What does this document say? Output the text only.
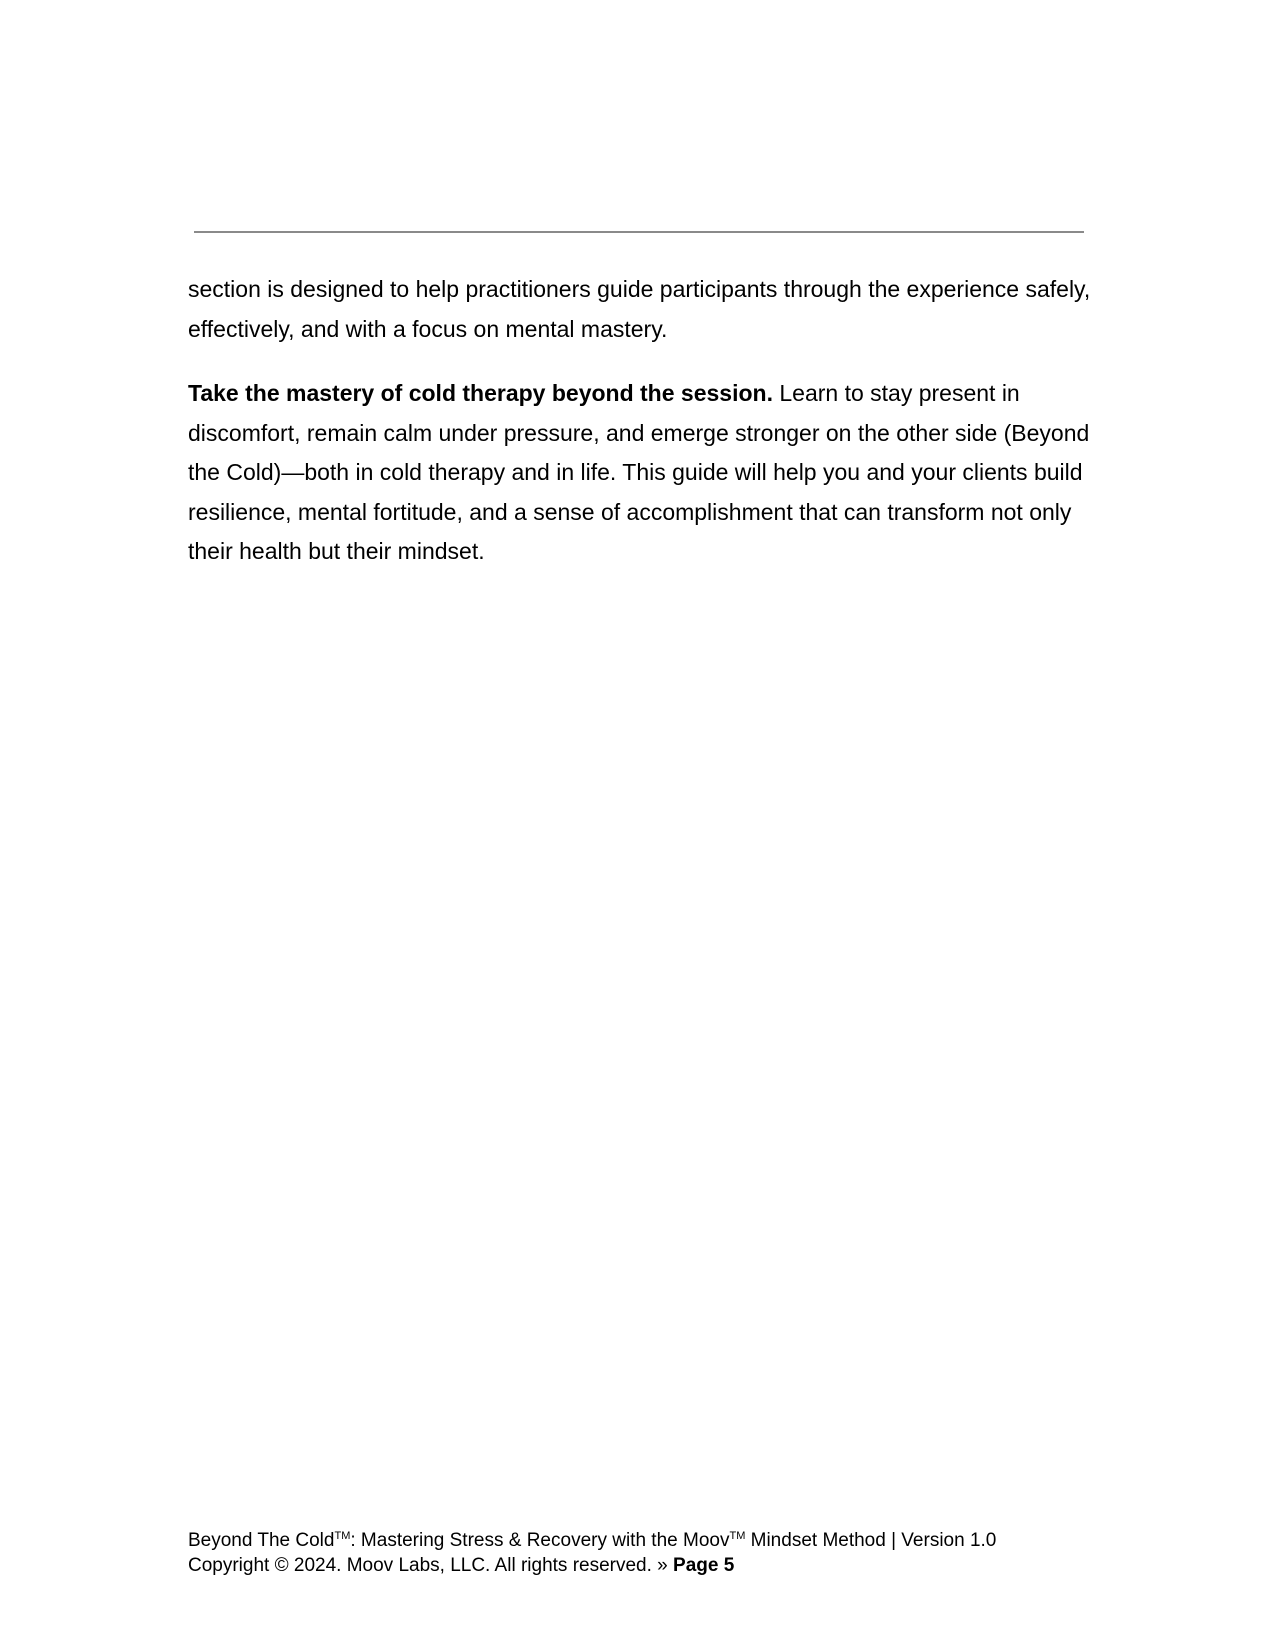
section is designed to help practitioners guide participants through the experience safely, effectively, and with a focus on mental mastery.

Take the mastery of cold therapy beyond the session. Learn to stay present in discomfort, remain calm under pressure, and emerge stronger on the other side (Beyond the Cold)—both in cold therapy and in life. This guide will help you and your clients build resilience, mental fortitude, and a sense of accomplishment that can transform not only their health but their mindset.

Beyond The Cold™: Mastering Stress & Recovery with the Moov™ Mindset Method | Version 1.0
Copyright © 2024. Moov Labs, LLC. All rights reserved. » Page 5
